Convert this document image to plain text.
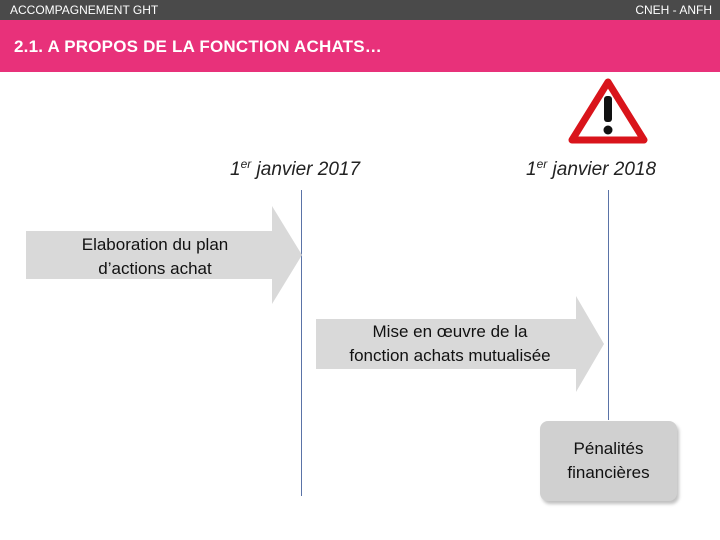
ACCOMPAGNEMENT GHT	CNEH - ANFH
2.1. A PROPOS DE LA FONCTION ACHATS…
1er janvier 2017	1er janvier 2018
Elaboration du plan
d’actions achat
Mise en œuvre de la
fonction achats mutualisée
Pénalités
financières
